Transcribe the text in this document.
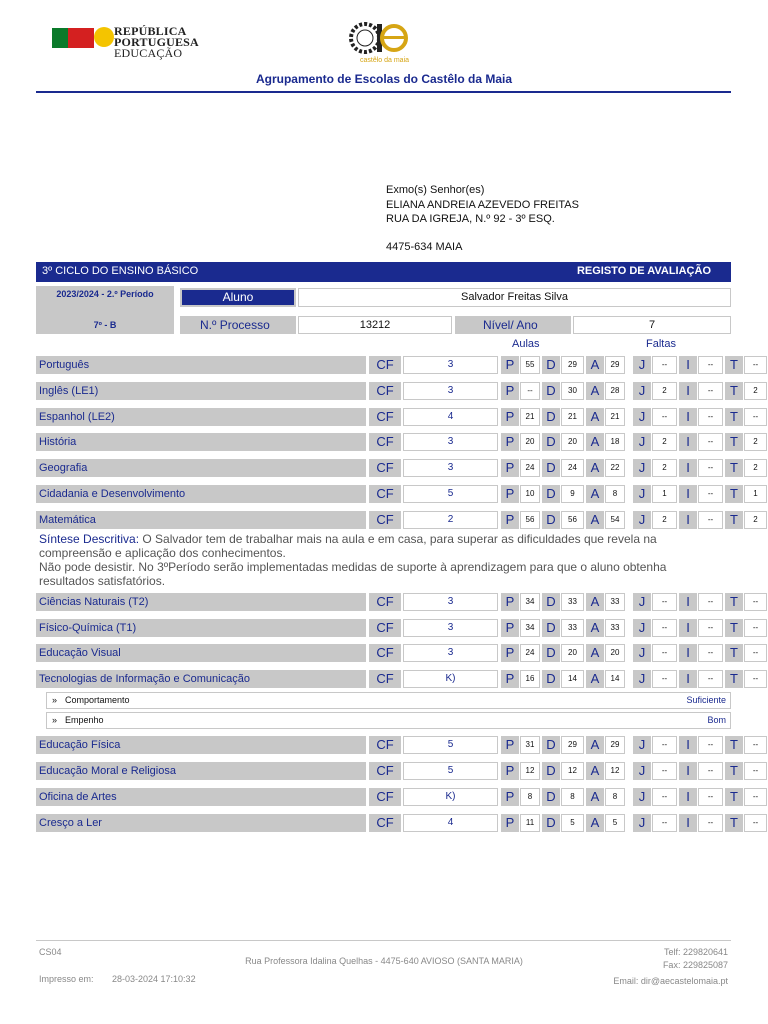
REPÚBLICA
PORTUGUESA
EDUCAÇÃO
castêlo da maia
Agrupamento de Escolas do Castêlo da Maia
Exmo(s) Senhor(es)
ELIANA ANDREIA AZEVEDO FREITAS
RUA DA IGREJA, N.º 92 - 3º ESQ.
4475-634 MAIA
3º CICLO DO ENSINO BÁSICO	REGISTO DE AVALIAÇÃO
2023/2024 - 2.º Período
7º - B
Aluno	Salvador Freitas Silva
N.º Processo	13212	Nível/ Ano	7
Aulas	Faltas
Português	CF	3	P	55 D	29	A	29	J	--	I	--	T	--
Inglês (LE1)	CF	3	P	--	D	30	A	28	J	2	I	--	T	2
Espanhol (LE2)	CF	4	P	21 D	21	A	21	J	--	I	--	T	--
História	CF	3	P	20 D	20	A	18	J	2	I	--	T	2
Geografia	CF	3	P	24 D	24	A	22	J	2	I	--	T	2
Cidadania e Desenvolvimento	CF	5	P	10 D	9	A	8	J	1	I	--	T	1
Matemática	CF	2	P	56 D	56	A	54	J	2	I	--	T	2
Ciências Naturais (T2)	CF	3	P	34 D	33	A	33	J	--	I	--	T	--
Físico-Química (T1)	CF	3	P	34 D	33	A	33	J	--	I	--	T	--
Educação Visual	CF	3	P	24 D	20	A	20	J	--	I	--	T	--
Tecnologias de Informação e Comunicação	CF	K)	P	16 D	14	A	14	J	--	I	--	T	--
Educação Física	CF	5	P	31 D	29	A	29	J	--	I	--	T	--
Educação Moral e Religiosa	CF	5	P	12 D	12	A	12	J	--	I	--	T	--
Oficina de Artes	CF	K)	P	8	D	8	A	8	J	--	I	--	T	--
Cresço a Ler	CF	4	P	11 D	5	A	5	J	--	I	--	T	--
Síntese Descritiva: O Salvador tem de trabalhar mais na aula e em casa, para superar as dificuldades que revela na
compreensão e aplicação dos conhecimentos.
Não pode desistir. No 3ºPeríodo serão implementadas medidas de suporte à aprendizagem para que o aluno obtenha
resultados satisfatórios.
» Comportamento	Suficiente
» Empenho	Bom
CS04
Rua Professora Idalina Quelhas - 4475-640 AVIOSO (SANTA MARIA)
Telf: 229820641
Fax: 229825087
Impresso em: 28-03-2024 17:10:32	Email: dir@aecastelomaia.pt
